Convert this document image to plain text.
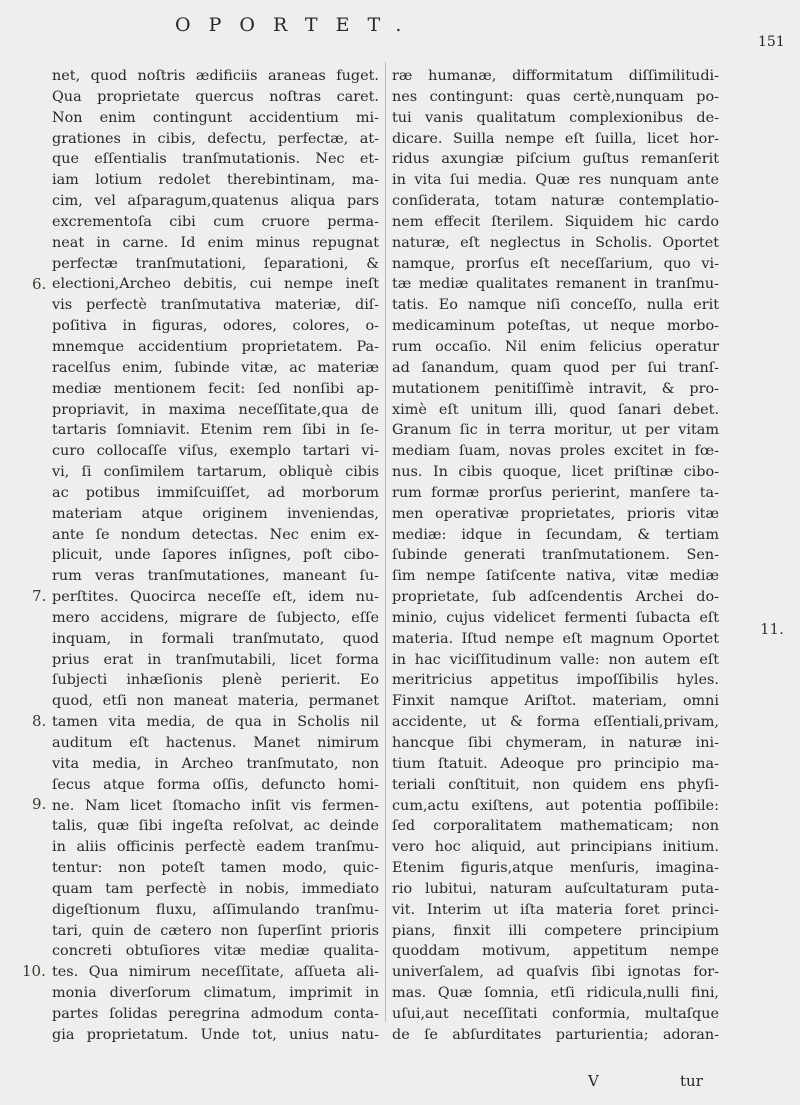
OPORTET.
151
net, quod noſtris ædificiis araneas fuget.
Qua proprietate quercus noſtras caret.
Non enim contingunt accidentium mi-
grationes in cibis, defectu, perfectæ, at-
que eſſentialis tranſmutationis. Nec et-
iam lotium redolet therebintinam, ma-
cim, vel aſparagum,quatenus aliqua pars
excrementoſa cibi cum cruore perma-
neat in carne. Id enim minus repugnat
perfectæ tranſmutationi, ſeparationi, &
electioni,Archeo debitis, cui nempe ineſt
vis perfectè tranſmutativa materiæ, diſ-
poſitiva in figuras, odores, colores, o-
mnemque accidentium proprietatem. Pa-
racelſus enim, ſubinde vitæ, ac materiæ
mediæ mentionem fecit: ſed nonſibi ap-
propriavit, in maxima neceſſitate,qua de
tartaris ſomniavit. Etenim rem ſibi in ſe-
curo collocaſſe viſus, exemplo tartari vi-
vi, ſi conſimilem tartarum, obliquè cibis
ac potibus immiſcuiſſet, ad morborum
materiam atque originem inveniendas,
ante ſe nondum detectas. Nec enim ex-
plicuit, unde ſapores inſignes, poſt cibo-
rum veras tranſmutationes, maneant ſu-
perſtites. Quocirca neceſſe eſt, idem nu-
mero accidens, migrare de ſubjecto, eſſe
inquam, in formali tranſmutato, quod
prius erat in tranſmutabili, licet forma
ſubjecti inhæſionis plenè perierit. Eo
quod, etſi non maneat materia, permanet
tamen vita media, de qua in Scholis nil
auditum eſt hactenus. Manet nimirum
vita media, in Archeo tranſmutato, non
ſecus atque forma oſſis, defuncto homi-
ne. Nam licet ſtomacho inſit vis fermen-
talis, quæ ſibi ingeſta reſolvat, ac deinde
in aliis officinis perfectè eadem tranſmu-
tentur: non poteſt tamen modo, quic-
quam tam perfectè in nobis, immediato
digeſtionum fluxu, aſſimulando tranſmu-
tari, quin de cætero non ſuperſint prioris
concreti obtuſiores vitæ mediæ qualita-
tes. Qua nimirum neceſſitate, aſſueta ali-
monia diverſorum climatum, imprimit in
partes ſolidas peregrina admodum conta-
gia proprietatum. Unde tot, unius natu-
ræ humanæ, difformitatum diſſimilitudi-
nes contingunt: quas certè,nunquam po-
tui vanis qualitatum complexionibus de-
dicare. Suilla nempe eſt ſuilla, licet hor-
ridus axungiæ piſcium guſtus remanſerit
in vita ſui media. Quæ res nunquam ante
conſiderata, totam naturæ contemplatio-
nem effecit ſterilem. Siquidem hic cardo
naturæ, eſt neglectus in Scholis. Oportet
namque, prorſus eſt neceſſarium, quo vi-
tæ mediæ qualitates remanent in tranſmu-
tatis. Eo namque niſi conceſſo, nulla erit
medicaminum poteſtas, ut neque morbo-
rum occaſio. Nil enim felicius operatur
ad ſanandum, quam quod per ſui tranſ-
mutationem penitiſſimè intravit, & pro-
ximè eſt unitum illi, quod ſanari debet.
Granum ſic in terra moritur, ut per vitam
mediam ſuam, novas proles excitet in fœ-
nus. In cibis quoque, licet priſtinæ cibo-
rum formæ prorſus perierint, manſere ta-
men operativæ proprietates, prioris vitæ
mediæ: idque in ſecundam, & tertiam
ſubinde generati tranſmutationem. Sen-
ſim nempe ſatiſcente nativa, vitæ mediæ
proprietate, ſub adſcendentis Archei do-
minio, cujus videlicet fermenti ſubacta eſt
materia. Iſtud nempe eſt magnum Oportet
in hac viciſſitudinum valle: non autem eſt
meritricius appetitus impoſſibilis hyles.
Finxit namque Ariſtot. materiam, omni
accidente, ut & forma eſſentiali,privam,
hancque ſibi chymeram, in naturæ ini-
tium ſtatuit. Adeoque pro principio ma-
teriali conſtituit, non quidem ens phyſi-
cum,actu exiſtens, aut potentia poſſibile:
ſed corporalitatem mathematicam; non
vero hoc aliquid, aut principians initium.
Etenim figuris,atque menſuris, imagina-
rio lubitui, naturam auſcultaturam puta-
vit. Interim ut iſta materia foret princi-
pians, finxit illi competere principium
quoddam motivum, appetitum nempe
univerſalem, ad quaſvis ſibi ignotas for-
mas. Quæ ſomnia, etſi ridicula,nulli fini,
uſui,aut neceſſitati conformia, multaſque
de ſe abſurditates parturientia; adoran-
6.
7.
8.
9.
10.
11.
V	tur
